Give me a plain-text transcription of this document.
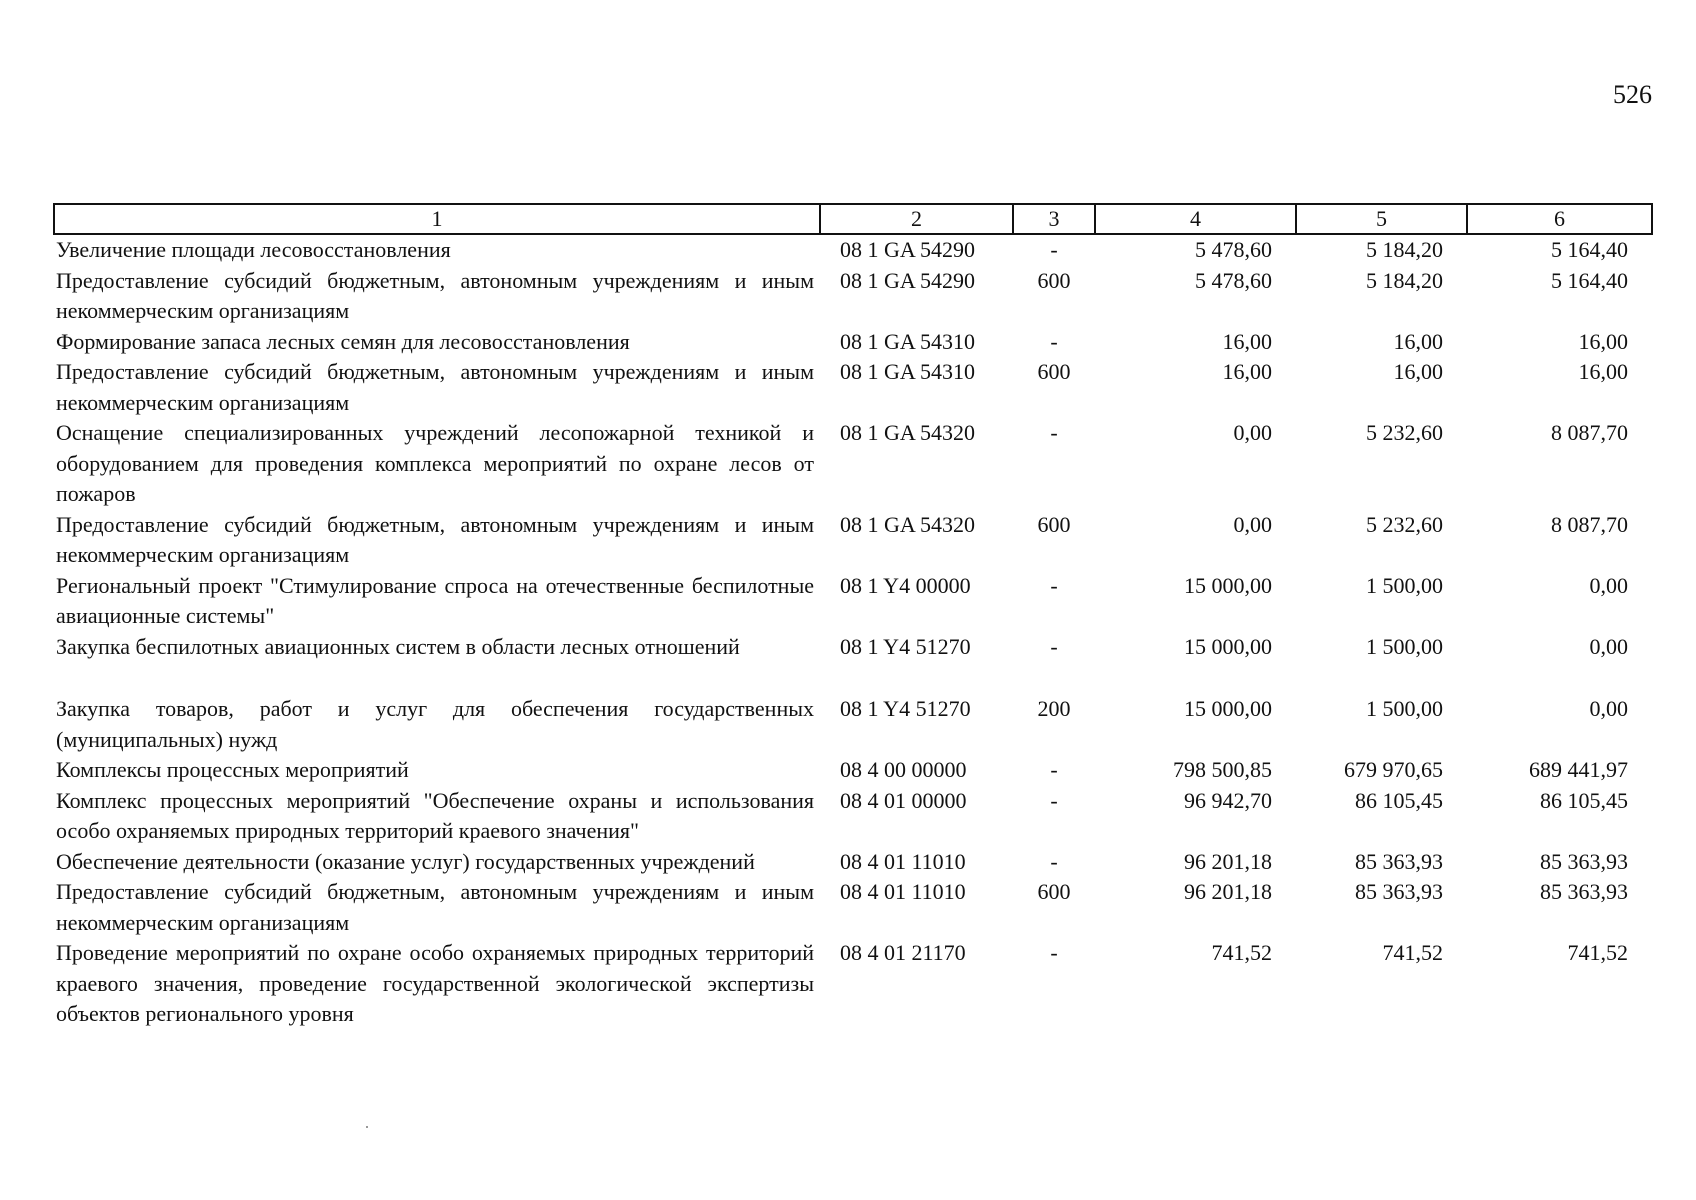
526
1	2	3	4	5	6
Увеличение площади лесовосстановления	08 1 GA 54290	-	5 478,60	5 184,20	5 164,40
Предоставление субсидий бюджетным, автономным учреждениям и иным некоммерческим организациям	08 1 GA 54290	600	5 478,60	5 184,20	5 164,40
Формирование запаса лесных семян для лесовосстановления	08 1 GA 54310	-	16,00	16,00	16,00
Предоставление субсидий бюджетным, автономным учреждениям и иным некоммерческим организациям	08 1 GA 54310	600	16,00	16,00	16,00
Оснащение специализированных учреждений лесопожарной техникой и оборудованием для проведения комплекса мероприятий по охране лесов от пожаров	08 1 GA 54320	-	0,00	5 232,60	8 087,70
Предоставление субсидий бюджетным, автономным учреждениям и иным некоммерческим организациям	08 1 GA 54320	600	0,00	5 232,60	8 087,70
Региональный проект "Стимулирование спроса на отечественные беспилотные авиационные системы"	08 1 Y4 00000	-	15 000,00	1 500,00	0,00
Закупка беспилотных авиационных систем в области лесных отношений	08 1 Y4 51270	-	15 000,00	1 500,00	0,00

Закупка товаров, работ и услуг для обеспечения государственных (муниципальных) нужд	08 1 Y4 51270	200	15 000,00	1 500,00	0,00
Комплексы процессных мероприятий	08 4 00 00000	-	798 500,85	679 970,65	689 441,97
Комплекс процессных мероприятий "Обеспечение охраны и использования особо охраняемых природных территорий краевого значения"	08 4 01 00000	-	96 942,70	86 105,45	86 105,45
Обеспечение деятельности (оказание услуг) государственных учреждений	08 4 01 11010	-	96 201,18	85 363,93	85 363,93
Предоставление субсидий бюджетным, автономным учреждениям и иным некоммерческим организациям	08 4 01 11010	600	96 201,18	85 363,93	85 363,93
Проведение мероприятий по охране особо охраняемых природных территорий краевого значения, проведение государственной экологической экспертизы объектов регионального уровня	08 4 01 21170	-	741,52	741,52	741,52
